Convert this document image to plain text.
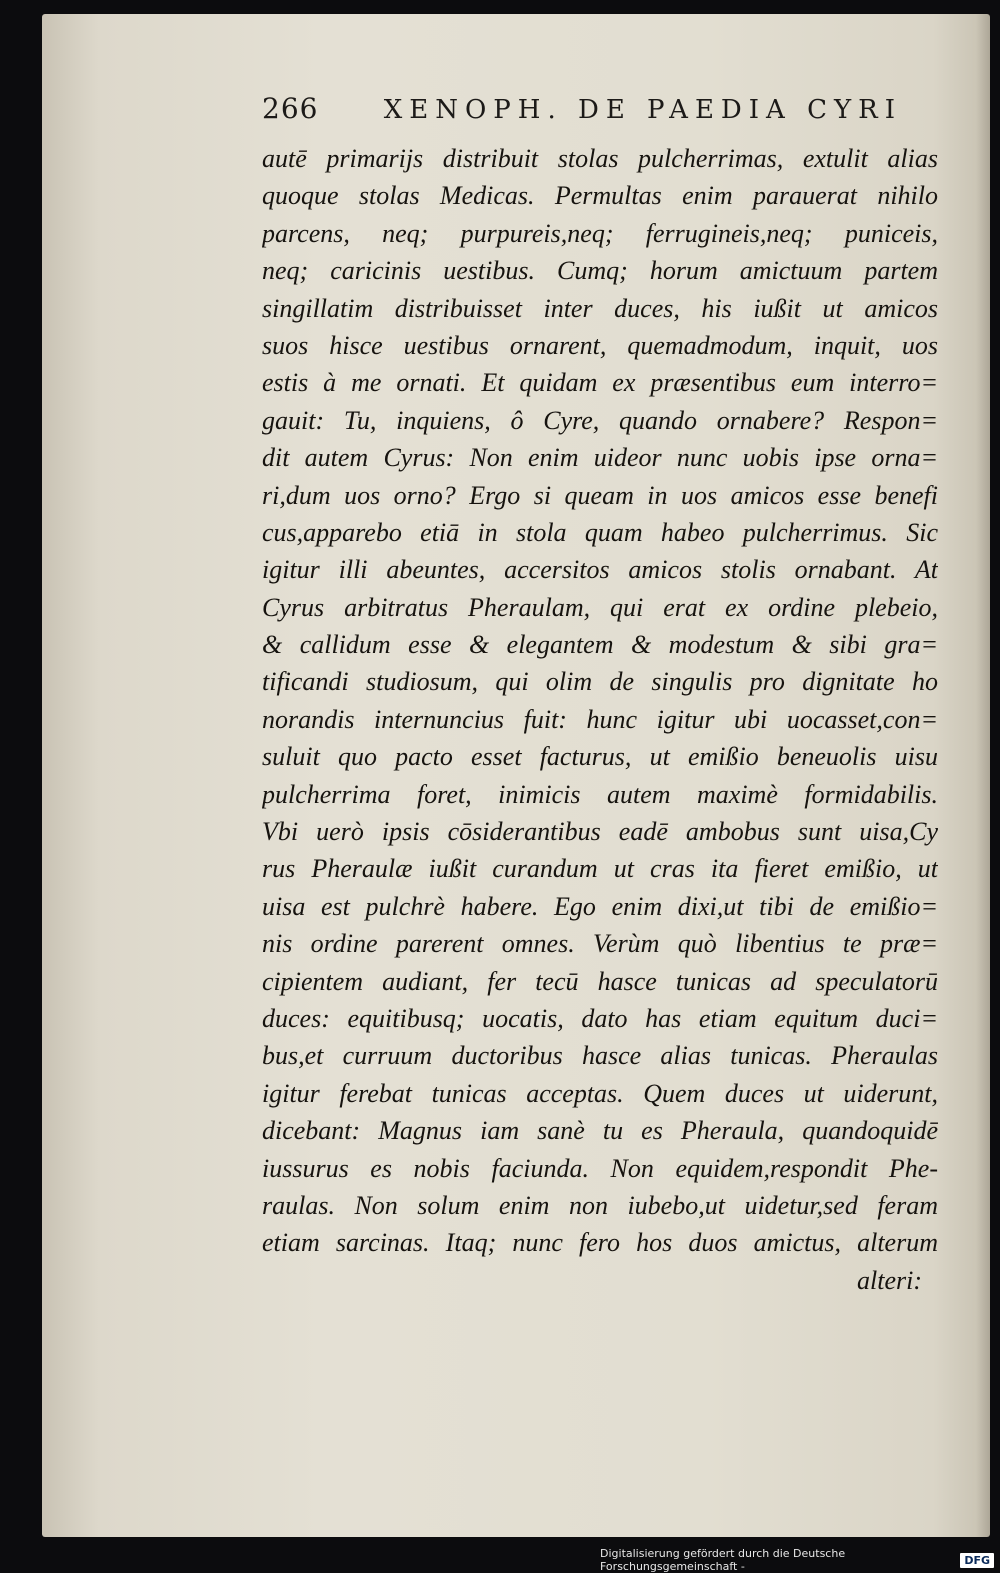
266	XENOPH. DE PAEDIA CYRI
autē primarijs distribuit stolas pulcherrimas, extulit alias
quoque stolas Medicas. Permultas enim parauerat nihilo
parcens, neq; purpureis,neq; ferrugineis,neq; puniceis,
neq; caricinis uestibus. Cumq; horum amictuum partem
singillatim distribuisset inter duces, his iußit ut amicos
suos hisce uestibus ornarent, quemadmodum, inquit, uos
estis à me ornati. Et quidam ex præsentibus eum interro=
gauit: Tu, inquiens, ô Cyre, quando ornabere? Respon=
dit autem Cyrus: Non enim uideor nunc uobis ipse orna=
ri,dum uos orno? Ergo si queam in uos amicos esse benefi
cus,apparebo etiā in stola quam habeo pulcherrimus. Sic
igitur illi abeuntes, accersitos amicos stolis ornabant. At
Cyrus arbitratus Pheraulam, qui erat ex ordine plebeio,
& callidum esse & elegantem & modestum & sibi gra=
tificandi studiosum, qui olim de singulis pro dignitate ho
norandis internuncius fuit: hunc igitur ubi uocasset,con=
suluit quo pacto esset facturus, ut emißio beneuolis uisu
pulcherrima foret, inimicis autem maximè formidabilis.
Vbi uerò ipsis cōsiderantibus eadē ambobus sunt uisa,Cy
rus Pheraulæ iußit curandum ut cras ita fieret emißio, ut
uisa est pulchrè habere. Ego enim dixi,ut tibi de emißio=
nis ordine parerent omnes. Verùm quò libentius te præ=
cipientem audiant, fer tecū hasce tunicas ad speculatorū
duces: equitibusq; uocatis, dato has etiam equitum duci=
bus,et curruum ductoribus hasce alias tunicas. Pheraulas
igitur ferebat tunicas acceptas. Quem duces ut uiderunt,
dicebant: Magnus iam sanè tu es Pheraula, quandoquidē
iussurus es nobis faciunda. Non equidem,respondit Phe-
raulas. Non solum enim non iubebo,ut uidetur,sed feram
etiam sarcinas. Itaq; nunc fero hos duos amictus, alterum
alteri:
Digitalisierung gefördert durch die Deutsche Forschungsgemeinschaft -	DFG
